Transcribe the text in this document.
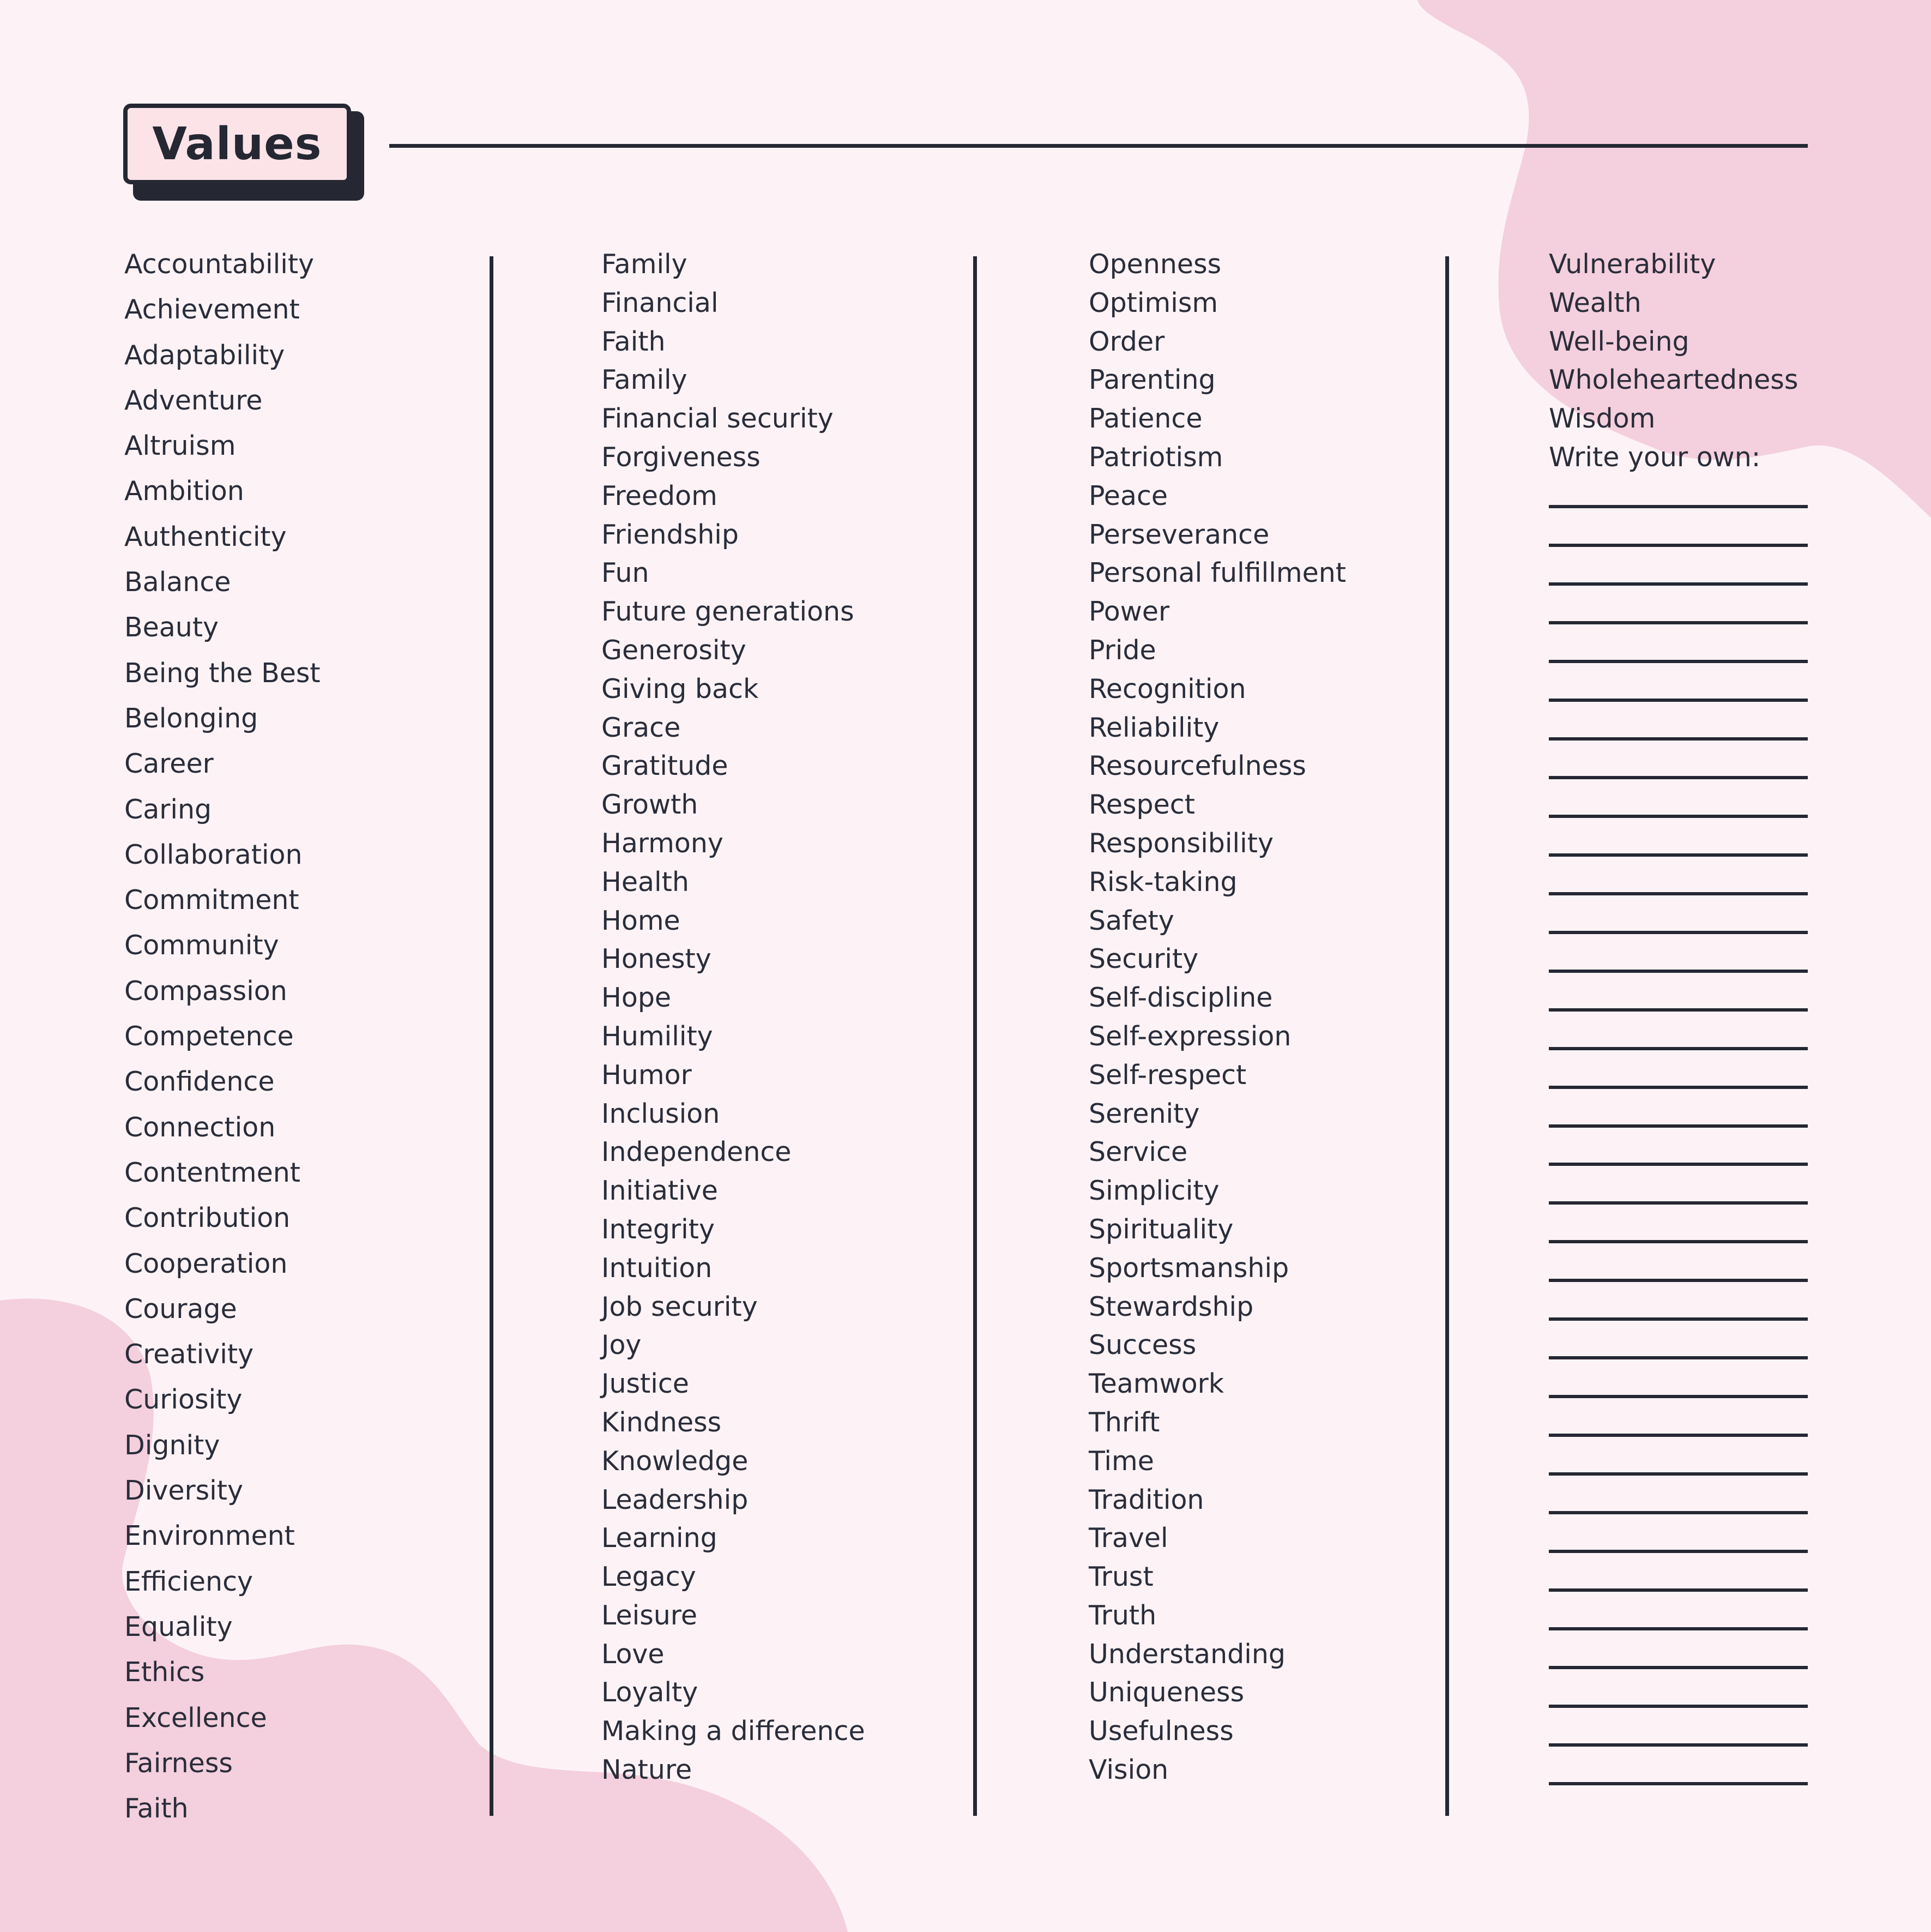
Values
Accountability
Achievement
Adaptability
Adventure
Altruism
Ambition
Authenticity
Balance
Beauty
Being the Best
Belonging
Career
Caring
Collaboration
Commitment
Community
Compassion
Competence
Confidence
Connection
Contentment
Contribution
Cooperation
Courage
Creativity
Curiosity
Dignity
Diversity
Environment
Efficiency
Equality
Ethics
Excellence
Fairness
Faith
Family
Financial
Faith
Family
Financial security
Forgiveness
Freedom
Friendship
Fun
Future generations
Generosity
Giving back
Grace
Gratitude
Growth
Harmony
Health
Home
Honesty
Hope
Humility
Humor
Inclusion
Independence
Initiative
Integrity
Intuition
Job security
Joy
Justice
Kindness
Knowledge
Leadership
Learning
Legacy
Leisure
Love
Loyalty
Making a difference
Nature
Openness
Optimism
Order
Parenting
Patience
Patriotism
Peace
Perseverance
Personal fulfillment
Power
Pride
Recognition
Reliability
Resourcefulness
Respect
Responsibility
Risk-taking
Safety
Security
Self-discipline
Self-expression
Self-respect
Serenity
Service
Simplicity
Spirituality
Sportsmanship
Stewardship
Success
Teamwork
Thrift
Time
Tradition
Travel
Trust
Truth
Understanding
Uniqueness
Usefulness
Vision
Vulnerability
Wealth
Well-being
Wholeheartedness
Wisdom
Write your own:
